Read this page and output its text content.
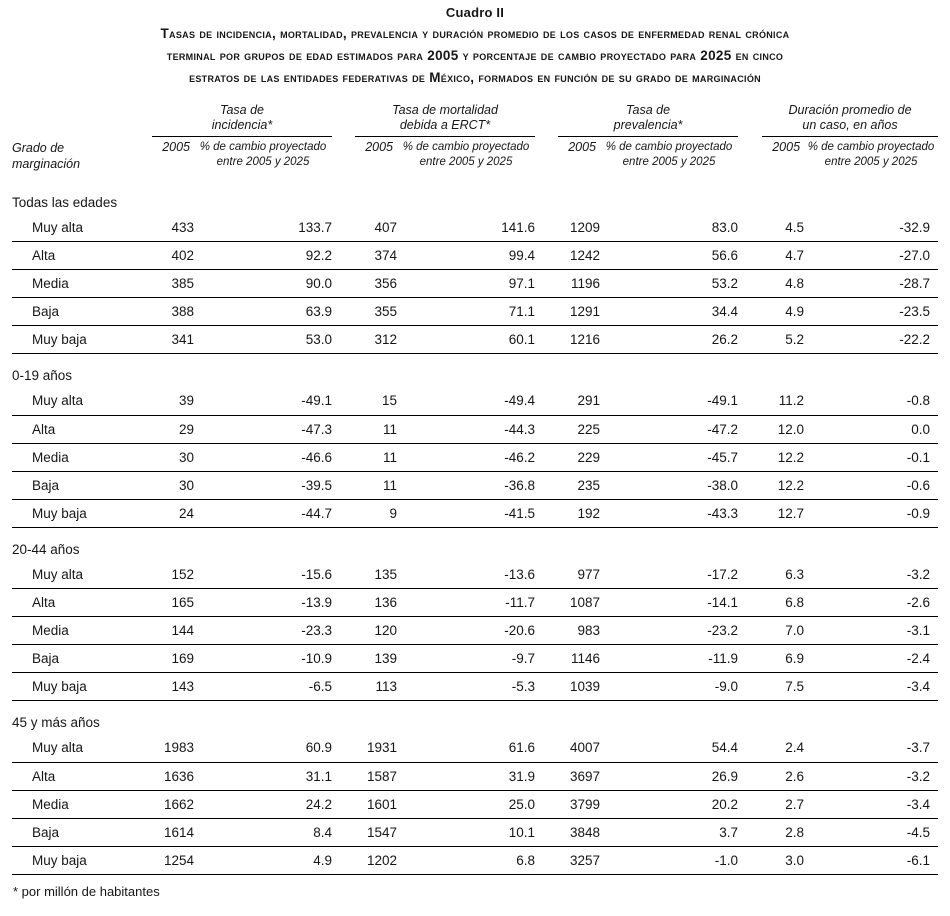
Cuadro II
Tasas de incidencia, mortalidad, prevalencia y duración promedio de los casos de enfermedad renal crónica
terminal por grupos de edad estimados para 2005 y porcentaje de cambio proyectado para 2025 en cinco
estratos de las entidades federativas de México, formados en función de su grado de marginación

Tasa de
incidencia*

Tasa de mortalidad
debida a ERCT*

Tasa de
prevalencia*

Duración promedio de
un caso, en años

Grado de
marginación
	2005	% de cambio proyectado
entre 2005 y 2025
		2005	% de cambio proyectado
entre 2005 y 2025
		2005	% de cambio proyectado
entre 2005 y 2025
		2005	% de cambio proyectado
entre 2005 y 2025

Todas las edades											
Muy alta	433	133.7		407	141.6		1209	83.0		4.5	-32.9
Alta	402	92.2		374	99.4		1242	56.6		4.7	-27.0
Media	385	90.0		356	97.1		1196	53.2		4.8	-28.7
Baja	388	63.9		355	71.1		1291	34.4		4.9	-23.5
Muy baja	341	53.0		312	60.1		1216	26.2		5.2	-22.2
0-19 años											
Muy alta	39	-49.1		15	-49.4		291	-49.1		11.2	-0.8
Alta	29	-47.3		11	-44.3		225	-47.2		12.0	0.0
Media	30	-46.6		11	-46.2		229	-45.7		12.2	-0.1
Baja	30	-39.5		11	-36.8		235	-38.0		12.2	-0.6
Muy baja	24	-44.7		9	-41.5		192	-43.3		12.7	-0.9
20-44 años											
Muy alta	152	-15.6		135	-13.6		977	-17.2		6.3	-3.2
Alta	165	-13.9		136	-11.7		1087	-14.1		6.8	-2.6
Media	144	-23.3		120	-20.6		983	-23.2		7.0	-3.1
Baja	169	-10.9		139	-9.7		1146	-11.9		6.9	-2.4
Muy baja	143	-6.5		113	-5.3		1039	-9.0		7.5	-3.4
45 y más años											
Muy alta	1983	60.9		1931	61.6		4007	54.4		2.4	-3.7
Alta	1636	31.1		1587	31.9		3697	26.9		2.6	-3.2
Media	1662	24.2		1601	25.0		3799	20.2		2.7	-3.4
Baja	1614	8.4		1547	10.1		3848	3.7		2.8	-4.5
Muy baja	1254	4.9		1202	6.8		3257	-1.0		3.0	-6.1
* por millón de habitantes
